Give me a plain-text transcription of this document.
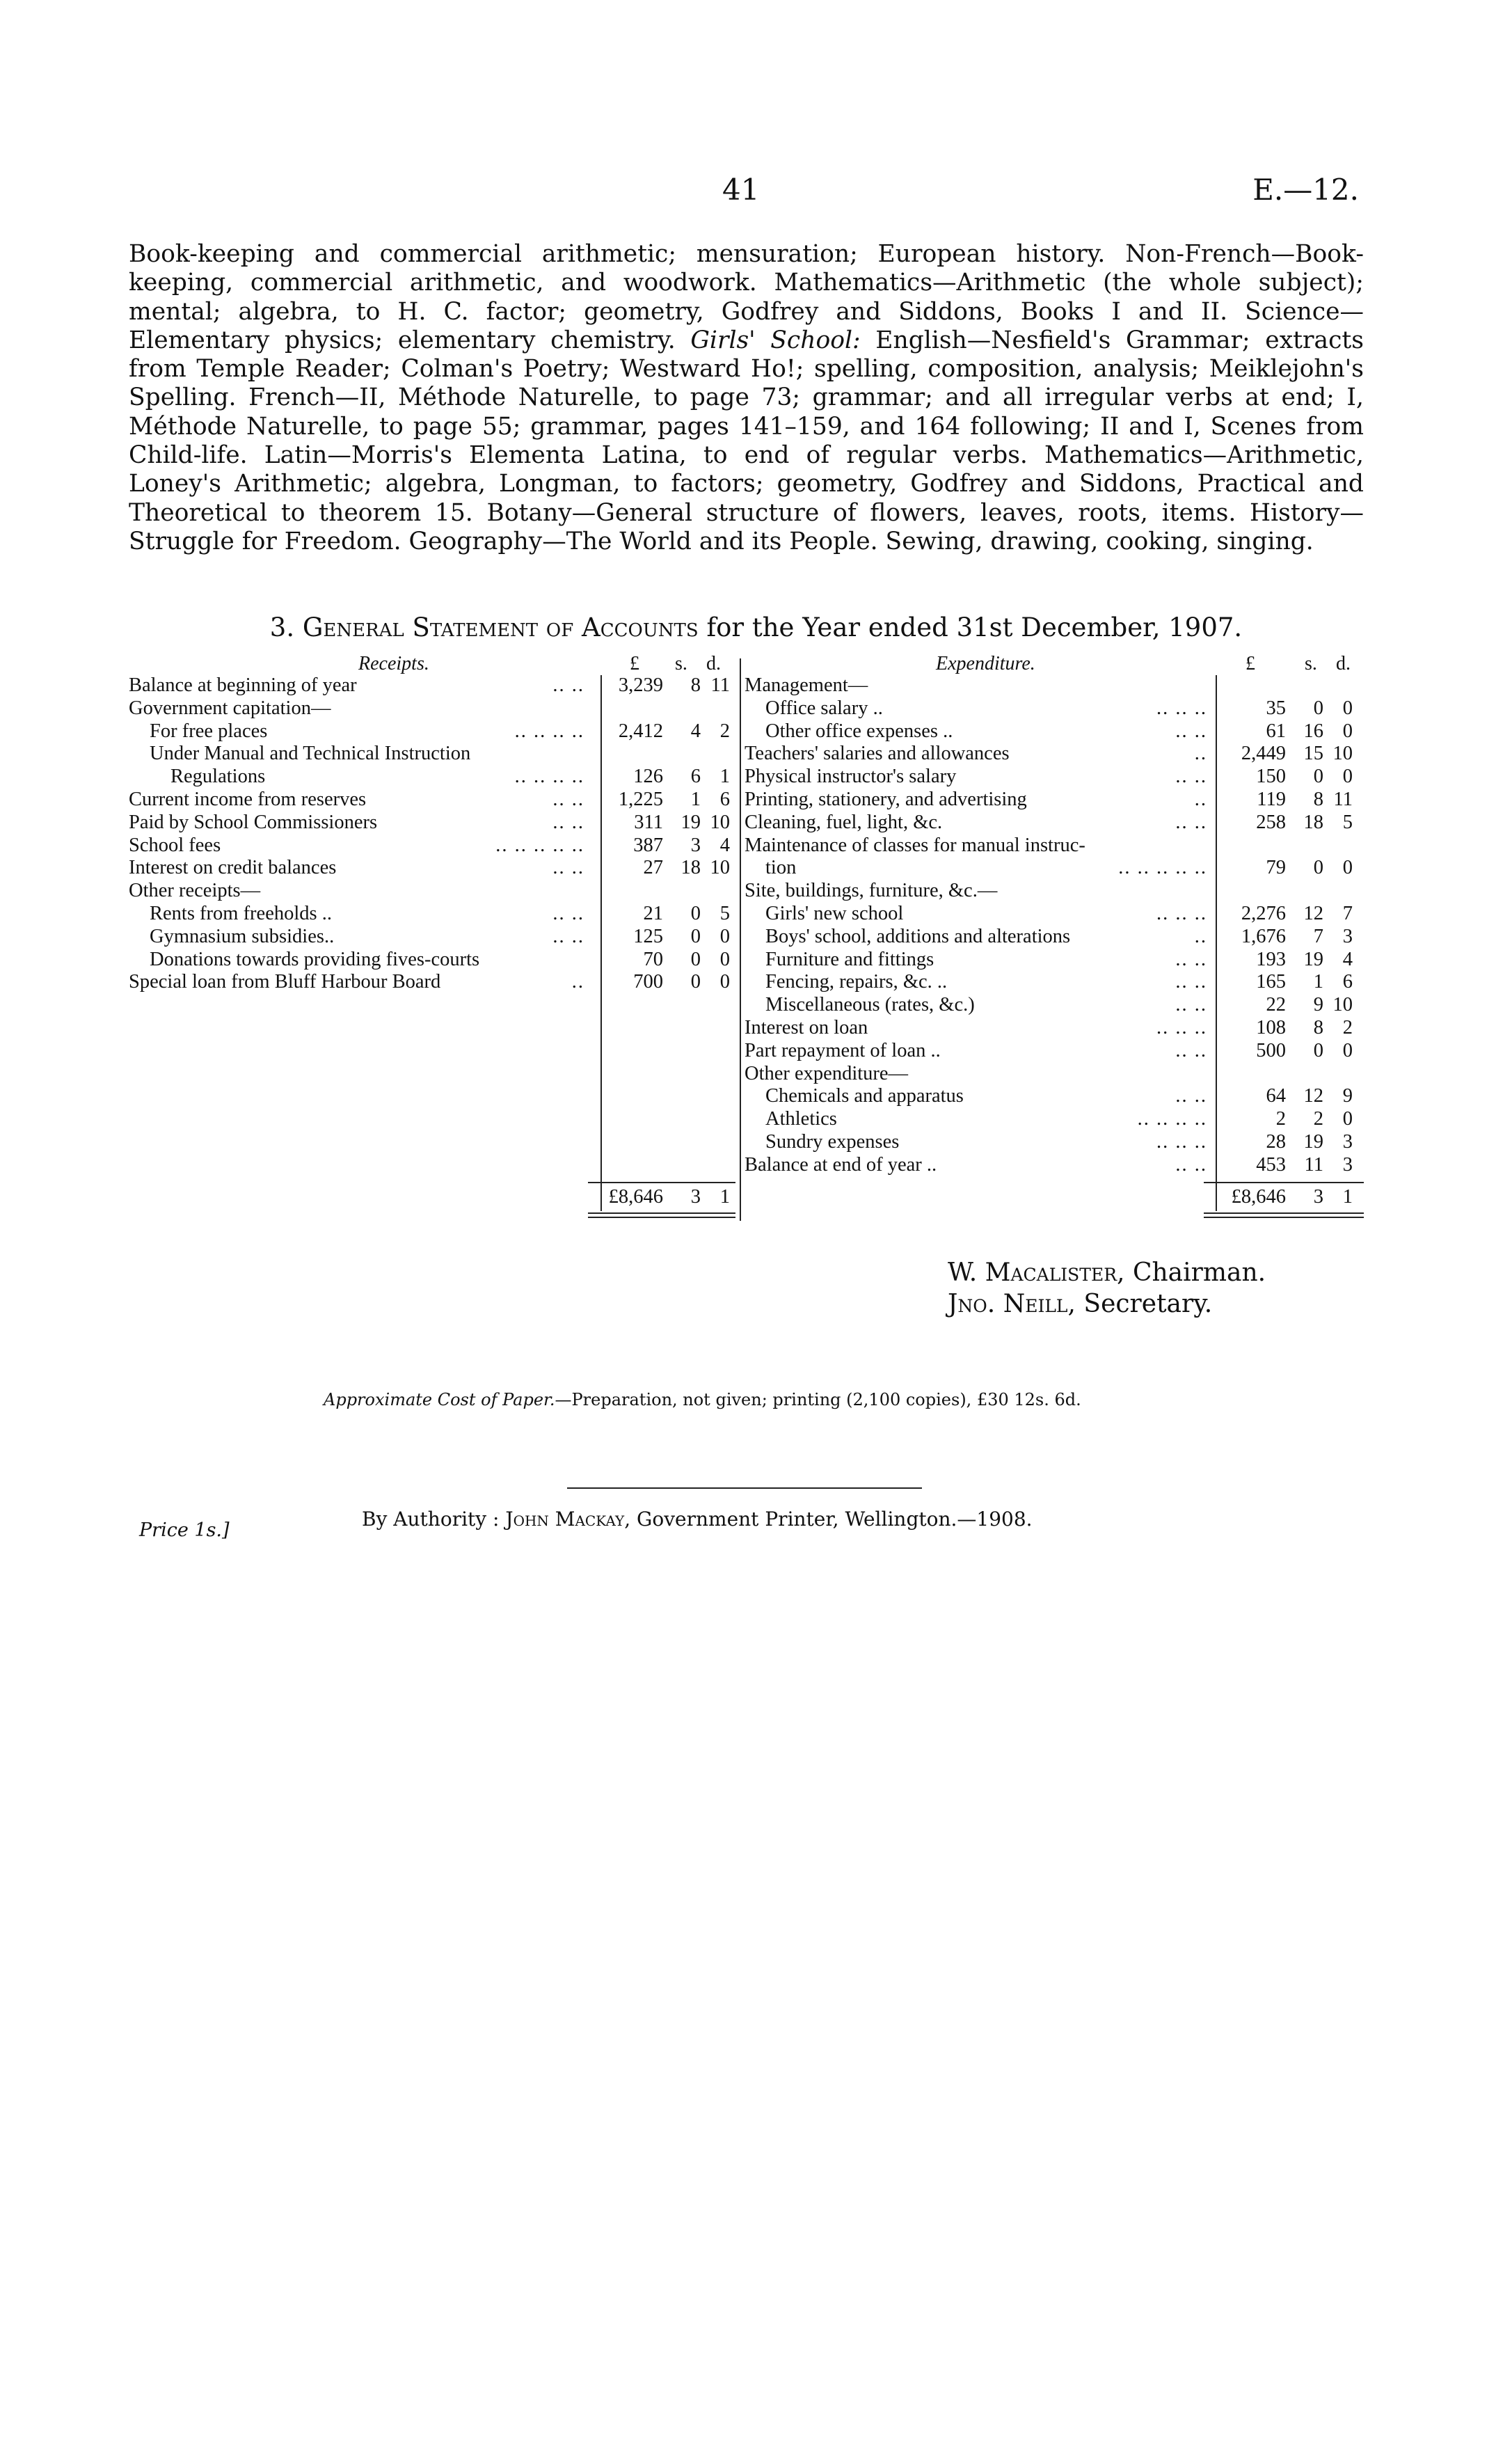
41	E.—12.

Book-keeping and commercial arithmetic; mensuration; European history. Non-French—Book-keeping, commercial arithmetic, and woodwork. Mathematics—Arithmetic (the whole subject); mental; algebra, to H. C. factor; geometry, Godfrey and Siddons, Books I and II. Science—Elementary physics; elementary chemistry. Girls' School: English—Nesfield's Grammar; extracts from Temple Reader; Colman's Poetry; Westward Ho!; spelling, composition, analysis; Meiklejohn's Spelling. French—II, Méthode Naturelle, to page 73; grammar; and all irregular verbs at end; I, Méthode Naturelle, to page 55; grammar, pages 141–159, and 164 following; II and I, Scenes from Child-life. Latin—Morris's Elementa Latina, to end of regular verbs. Mathematics—Arithmetic, Loney's Arithmetic; algebra, Longman, to factors; geometry, Godfrey and Siddons, Practical and Theoretical to theorem 15. Botany—General structure of flowers, leaves, roots, items. History—Struggle for Freedom. Geography—The World and its People. Sewing, drawing, cooking, singing.

3. General Statement of Accounts for the Year ended 31st December, 1907.
Receipts.	£ s. d.	Expenditure.	£	s. d.
Balance at beginning of year	.. .. 3,239 8 11
Government capitation—
For free places	.. .. .. .. 2,412 4 2
Under Manual and Technical Instruction
Regulations	.. .. .. .. 126 6 1
Current income from reserves	.. .. 1,225 1 6
Paid by School Commissioners	.. ..	311 19 10
School fees	.. .. .. .. .. 387 3 4
Interest on credit balances	.. ..	27 18 10
Other receipts—
Rents from freeholds ..	.. ..	21 0 5
Gymnasium subsidies..	.. .. 125 0 0
Donations towards providing fives-courts	70 0 0
Special loan from Bluff Harbour Board	.. 700 0 0
Management—
Office salary ..	.. .. ..	35 0 0
Other office expenses ..	.. ..	61 16 0
Teachers' salaries and allowances	.. 2,449 15 10
Physical instructor's salary	.. .. 150 0 0
Printing, stationery, and advertising	..	119 8 11
Cleaning, fuel, light, &c.	.. .. 258 18 5
Maintenance of classes for manual instruc-
tion	.. .. .. .. ..	79 0 0
Site, buildings, furniture, &c.—
Girls' new school	.. .. .. 2,276 12 7
Boys' school, additions and alterations	.. 1,676 7 3
Furniture and fittings	.. .. 193 19 4
Fencing, repairs, &c. ..	.. .. 165 1 6
Miscellaneous (rates, &c.)	.. ..	22 9 10
Interest on loan	.. .. .. 108 8 2
Part repayment of loan ..	.. .. 500 0 0
Other expenditure—
Chemicals and apparatus	.. ..	64 12 9
Athletics	.. .. .. ..	2 2 0
Sundry expenses	.. .. ..	28 19 3
Balance at end of year ..	.. .. 453 11 3
£8,646 3 1	£8,646 3 1
W. Macalister, Chairman.
Jno. Neill, Secretary.
Approximate Cost of Paper.—Preparation, not given; printing (2,100 copies), £30 12s. 6d.
Price 1s.]	By Authority : John Mackay, Government Printer, Wellington.—1908.
